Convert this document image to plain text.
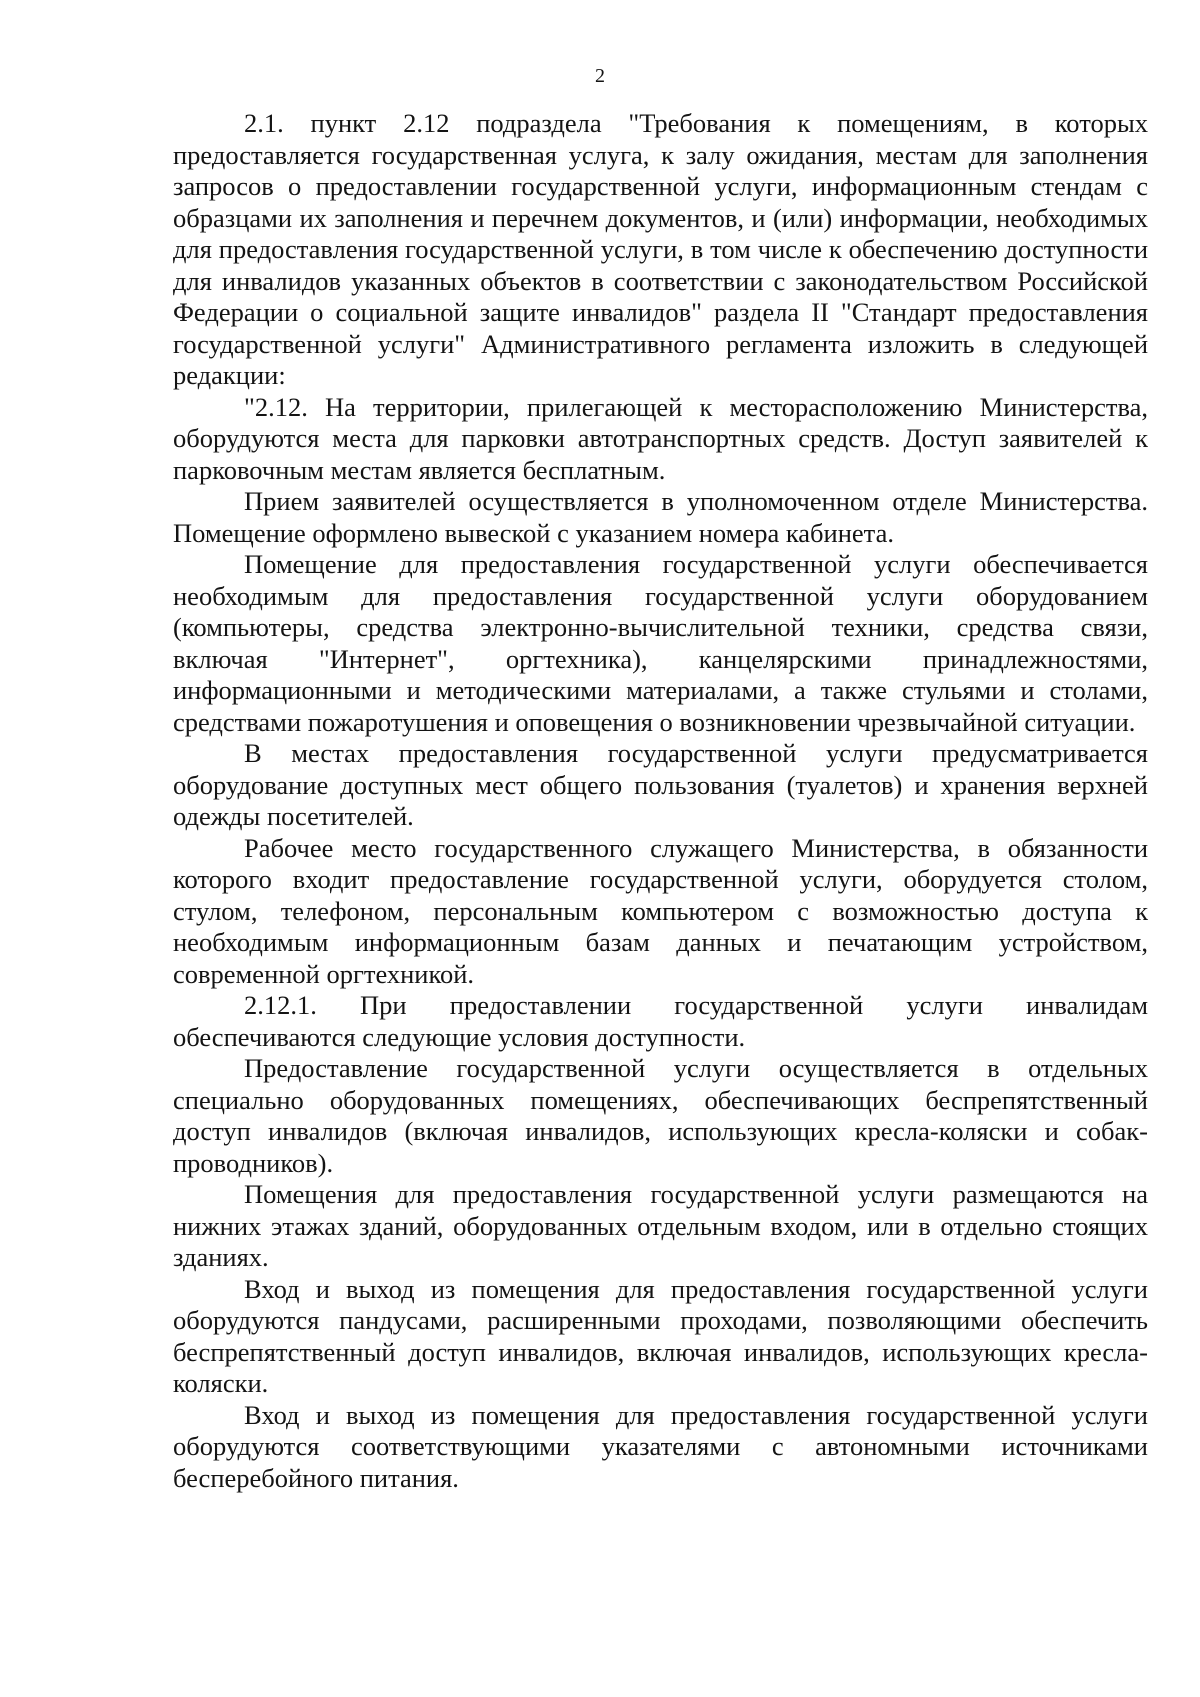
2

2.1. пункт 2.12 подраздела "Требования к помещениям, в которых предоставляется государственная услуга, к залу ожидания, местам для заполнения запросов о предоставлении государственной услуги, информационным стендам с образцами их заполнения и перечнем документов, и (или) информации, необходимых для предоставления государственной услуги, в том числе к обеспечению доступности для инвалидов указанных объектов в соответствии с законодательством Российской Федерации о социальной защите инвалидов" раздела II "Стандарт предоставления государственной услуги" Административного регламента изложить в следующей редакции:

"2.12. На территории, прилегающей к месторасположению Министерства, оборудуются места для парковки автотранспортных средств. Доступ заявителей к парковочным местам является бесплатным.

Прием заявителей осуществляется в уполномоченном отделе Министерства. Помещение оформлено вывеской с указанием номера кабинета.

Помещение для предоставления государственной услуги обеспечивается необходимым для предоставления государственной услуги оборудованием (компьютеры, средства электронно-вычислительной техники, средства связи, включая "Интернет", оргтехника), канцелярскими принадлежностями, информационными и методическими материалами, а также стульями и столами, средствами пожаротушения и оповещения о возникновении чрезвычайной ситуации.

В местах предоставления государственной услуги предусматривается оборудование доступных мест общего пользования (туалетов) и хранения верхней одежды посетителей.

Рабочее место государственного служащего Министерства, в обязанности которого входит предоставление государственной услуги, оборудуется столом, стулом, телефоном, персональным компьютером с возможностью доступа к необходимым информационным базам данных и печатающим устройством, современной оргтехникой.

2.12.1. При предоставлении государственной услуги инвалидам обеспечиваются следующие условия доступности.

Предоставление государственной услуги осуществляется в отдельных специально оборудованных помещениях, обеспечивающих беспрепятственный доступ инвалидов (включая инвалидов, использующих кресла-коляски и собак-проводников).

Помещения для предоставления государственной услуги размещаются на нижних этажах зданий, оборудованных отдельным входом, или в отдельно стоящих зданиях.

Вход и выход из помещения для предоставления государственной услуги оборудуются пандусами, расширенными проходами, позволяющими обеспечить беспрепятственный доступ инвалидов, включая инвалидов, использующих кресла-коляски.

Вход и выход из помещения для предоставления государственной услуги оборудуются соответствующими указателями с автономными источниками бесперебойного питания.
